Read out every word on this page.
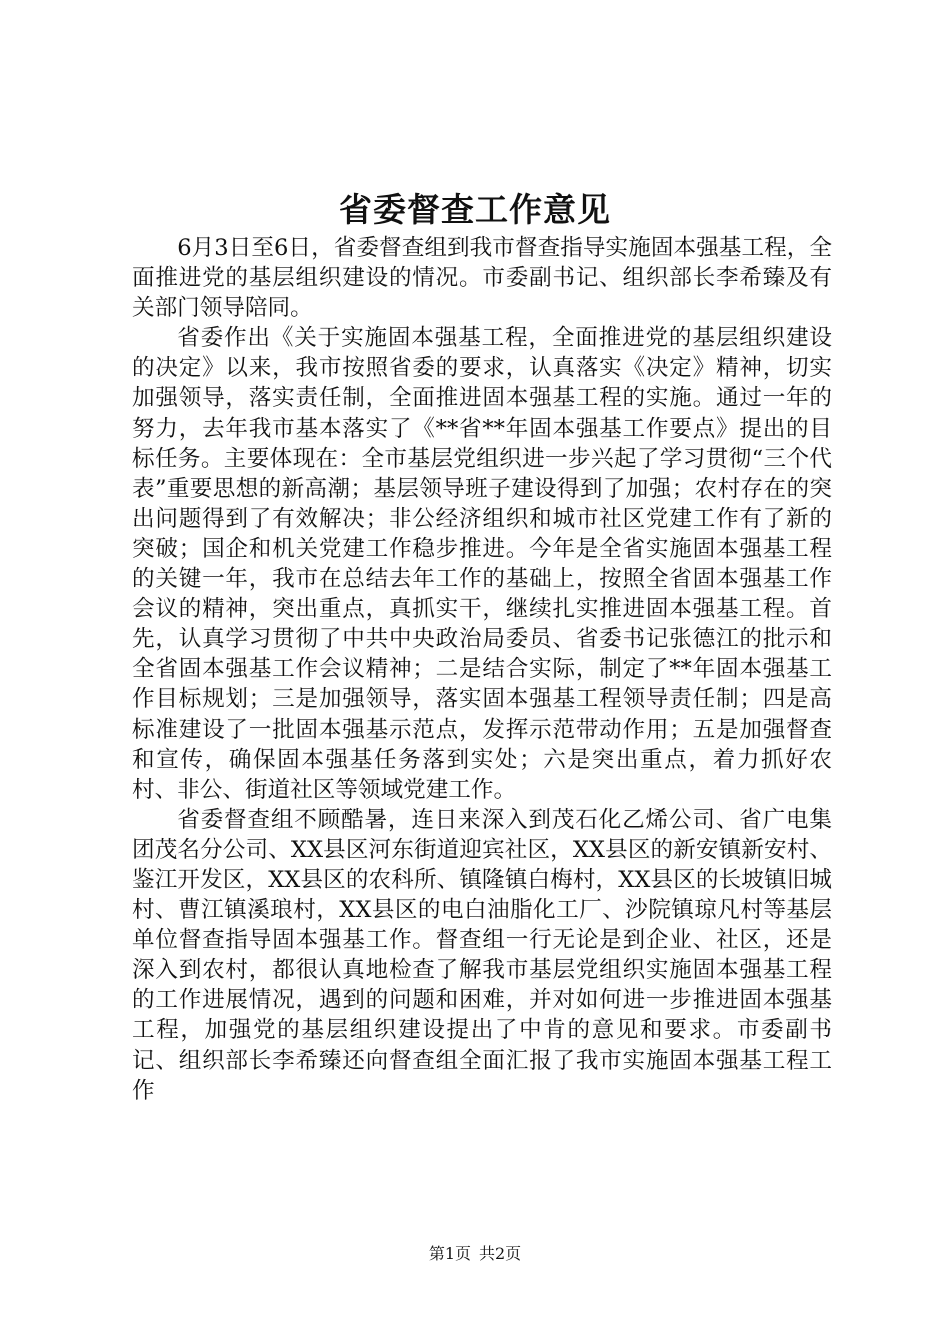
省委督查工作意见

6月3日至6日，省委督查组到我市督查指导实施固本强基工程，全面推进党的基层组织建设的情况。市委副书记、组织部长李希臻及有关部门领导陪同。

省委作出《关于实施固本强基工程，全面推进党的基层组织建设的决定》以来，我市按照省委的要求，认真落实《决定》精神，切实加强领导，落实责任制，全面推进固本强基工程的实施。通过一年的努力，去年我市基本落实了《**省**年固本强基工作要点》提出的目标任务。主要体现在：全市基层党组织进一步兴起了学习贯彻“三个代表”重要思想的新高潮；基层领导班子建设得到了加强；农村存在的突出问题得到了有效解决；非公经济组织和城市社区党建工作有了新的突破；国企和机关党建工作稳步推进。今年是全省实施固本强基工程的关键一年，我市在总结去年工作的基础上，按照全省固本强基工作会议的精神，突出重点，真抓实干，继续扎实推进固本强基工程。首先，认真学习贯彻了中共中央政治局委员、省委书记张德江的批示和全省固本强基工作会议精神；二是结合实际，制定了**年固本强基工作目标规划；三是加强领导，落实固本强基工程领导责任制；四是高标准建设了一批固本强基示范点，发挥示范带动作用；五是加强督查和宣传，确保固本强基任务落到实处；六是突出重点，着力抓好农村、非公、街道社区等领域党建工作。

省委督查组不顾酷暑，连日来深入到茂石化乙烯公司、省广电集团茂名分公司、XX县区河东街道迎宾社区，XX县区的新安镇新安村、鉴江开发区，XX县区的农科所、镇隆镇白梅村，XX县区的长坡镇旧城村、曹江镇溪琅村，XX县区的电白油脂化工厂、沙院镇琼凡村等基层单位督查指导固本强基工作。督查组一行无论是到企业、社区，还是深入到农村，都很认真地检查了解我市基层党组织实施固本强基工程的工作进展情况，遇到的问题和困难，并对如何进一步推进固本强基工程，加强党的基层组织建设提出了中肯的意见和要求。市委副书记、组织部长李希臻还向督查组全面汇报了我市实施固本强基工程工作

第1页 共2页
